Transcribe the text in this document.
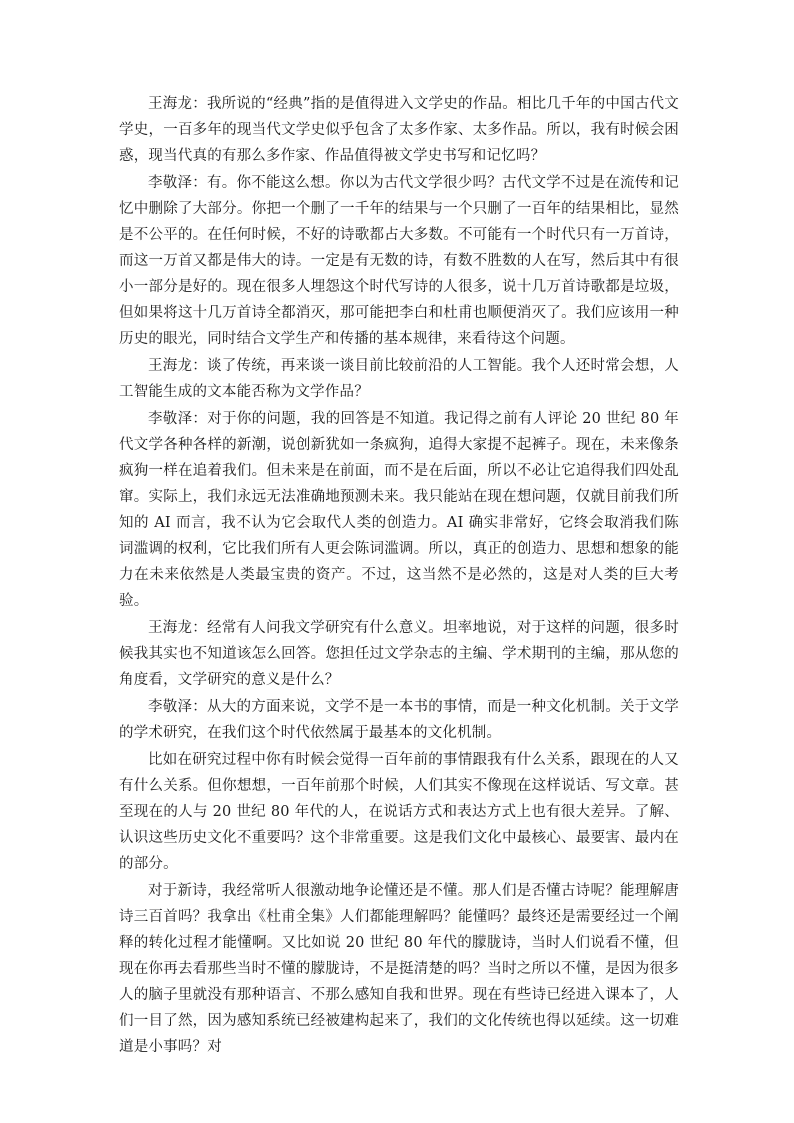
王海龙：我所说的“经典”指的是值得进入文学史的作品。相比几千年的中国古代文学史，一百多年的现当代文学史似乎包含了太多作家、太多作品。所以，我有时候会困惑，现当代真的有那么多作家、作品值得被文学史书写和记忆吗？

李敬泽：有。你不能这么想。你以为古代文学很少吗？古代文学不过是在流传和记忆中删除了大部分。你把一个删了一千年的结果与一个只删了一百年的结果相比，显然是不公平的。在任何时候，不好的诗歌都占大多数。不可能有一个时代只有一万首诗，而这一万首又都是伟大的诗。一定是有无数的诗，有数不胜数的人在写，然后其中有很小一部分是好的。现在很多人埋怨这个时代写诗的人很多，说十几万首诗歌都是垃圾，但如果将这十几万首诗全都消灭，那可能把李白和杜甫也顺便消灭了。我们应该用一种历史的眼光，同时结合文学生产和传播的基本规律，来看待这个问题。

王海龙：谈了传统，再来谈一谈目前比较前沿的人工智能。我个人还时常会想，人工智能生成的文本能否称为文学作品？

李敬泽：对于你的问题，我的回答是不知道。我记得之前有人评论 20 世纪 80 年代文学各种各样的新潮，说创新犹如一条疯狗，追得大家提不起裤子。现在，未来像条疯狗一样在追着我们。但未来是在前面，而不是在后面，所以不必让它追得我们四处乱窜。实际上，我们永远无法准确地预测未来。我只能站在现在想问题，仅就目前我们所知的 AI 而言，我不认为它会取代人类的创造力。AI 确实非常好，它终会取消我们陈词滥调的权利，它比我们所有人更会陈词滥调。所以，真正的创造力、思想和想象的能力在未来依然是人类最宝贵的资产。不过，这当然不是必然的，这是对人类的巨大考验。

王海龙：经常有人问我文学研究有什么意义。坦率地说，对于这样的问题，很多时候我其实也不知道该怎么回答。您担任过文学杂志的主编、学术期刊的主编，那从您的角度看，文学研究的意义是什么？

李敬泽：从大的方面来说，文学不是一本书的事情，而是一种文化机制。关于文学的学术研究，在我们这个时代依然属于最基本的文化机制。

比如在研究过程中你有时候会觉得一百年前的事情跟我有什么关系，跟现在的人又有什么关系。但你想想，一百年前那个时候，人们其实不像现在这样说话、写文章。甚至现在的人与 20 世纪 80 年代的人，在说话方式和表达方式上也有很大差异。了解、认识这些历史文化不重要吗？这个非常重要。这是我们文化中最核心、最要害、最内在的部分。

对于新诗，我经常听人很激动地争论懂还是不懂。那人们是否懂古诗呢？能理解唐诗三百首吗？我拿出《杜甫全集》人们都能理解吗？能懂吗？最终还是需要经过一个阐释的转化过程才能懂啊。又比如说 20 世纪 80 年代的朦胧诗，当时人们说看不懂，但现在你再去看那些当时不懂的朦胧诗，不是挺清楚的吗？当时之所以不懂，是因为很多人的脑子里就没有那种语言、不那么感知自我和世界。现在有些诗已经进入课本了，人们一目了然，因为感知系统已经被建构起来了，我们的文化传统也得以延续。这一切难道是小事吗？对
